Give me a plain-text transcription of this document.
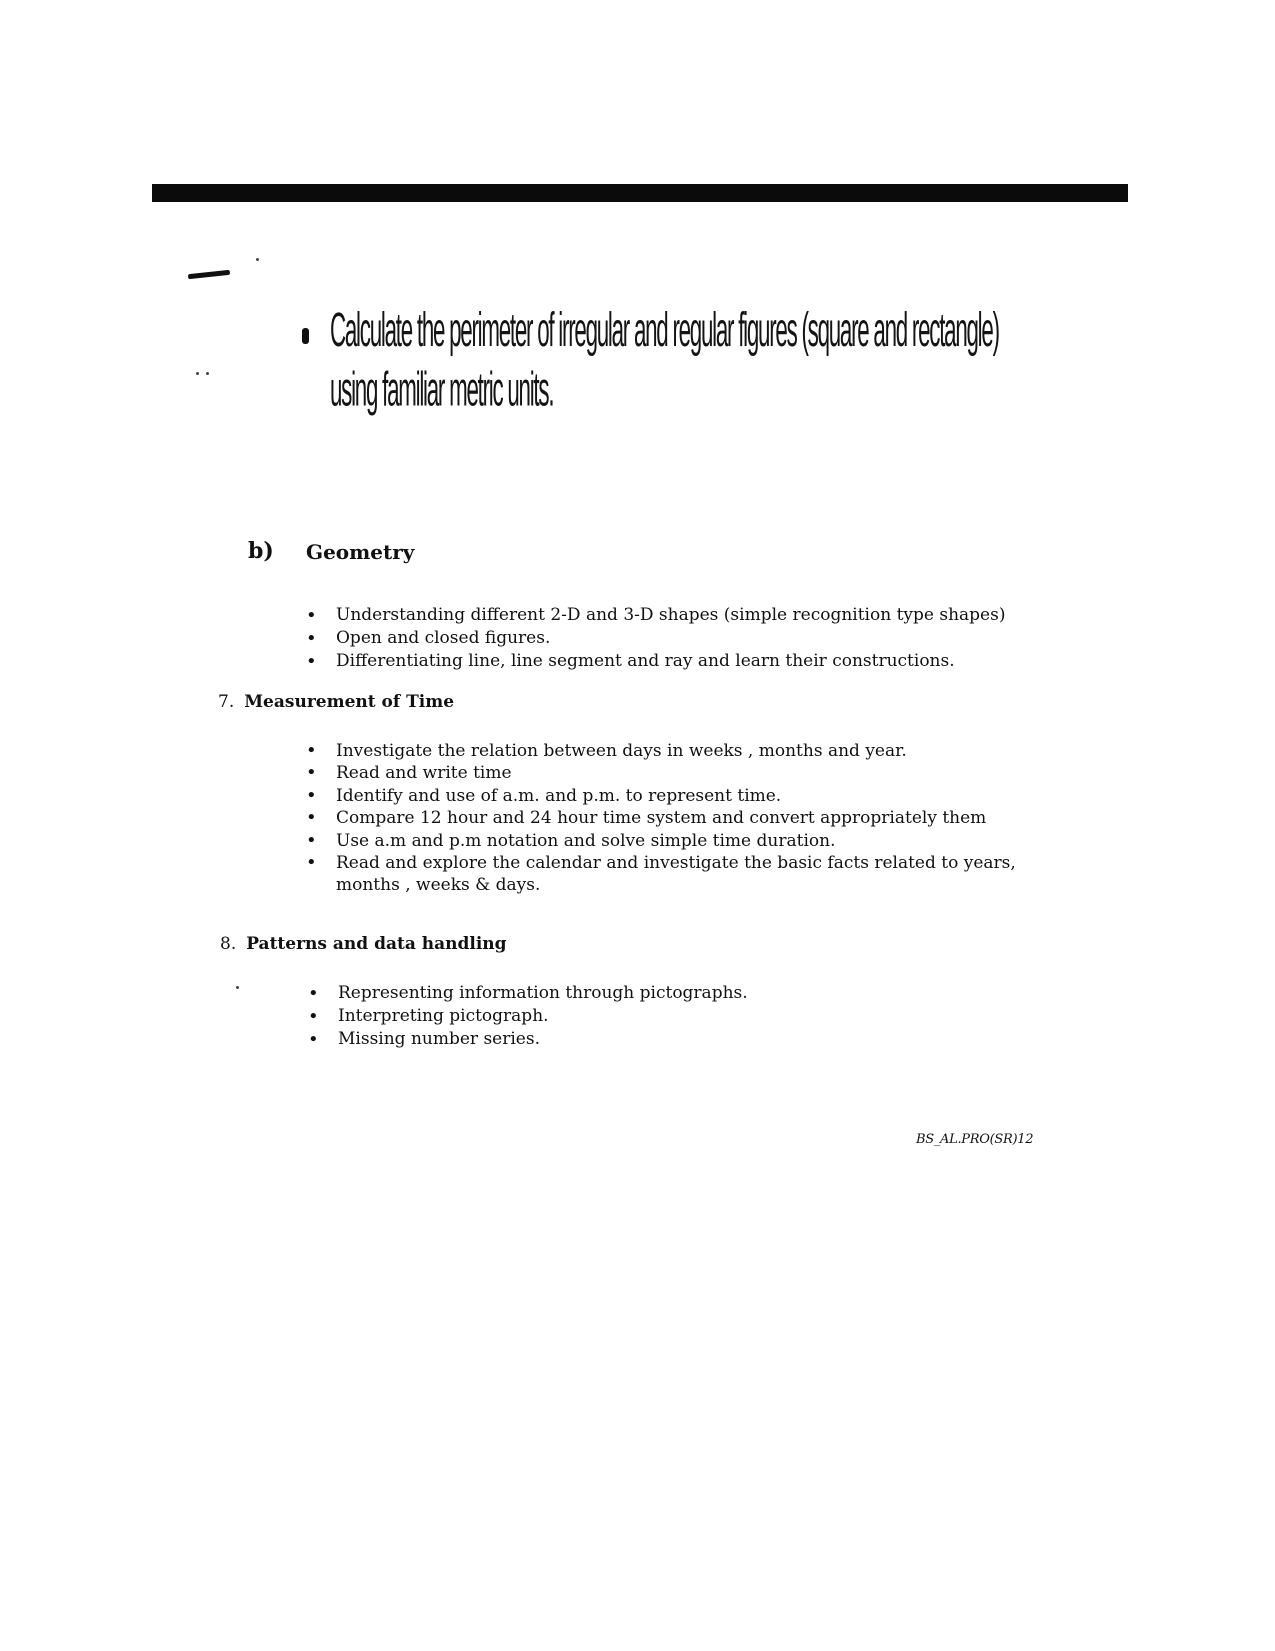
Calculate the perimeter of irregular and regular figures (square and rectangle) using familiar metric units.
b) Geometry
• Understanding different 2-D and 3-D shapes (simple recognition type shapes)
• Open and closed figures.
• Differentiating line, line segment and ray and learn their constructions.
7. Measurement of Time
• Investigate the relation between days in weeks , months and year.
• Read and write time
• Identify and use of a.m. and p.m. to represent time.
• Compare 12 hour and 24 hour time system and convert appropriately them
• Use a.m and p.m notation and solve simple time duration.
• Read and explore the calendar and investigate the basic facts related to years, months , weeks & days.
8. Patterns and data handling
• Representing information through pictographs.
• Interpreting pictograph.
• Missing number series.
BS_AL.PRO(SR)12
